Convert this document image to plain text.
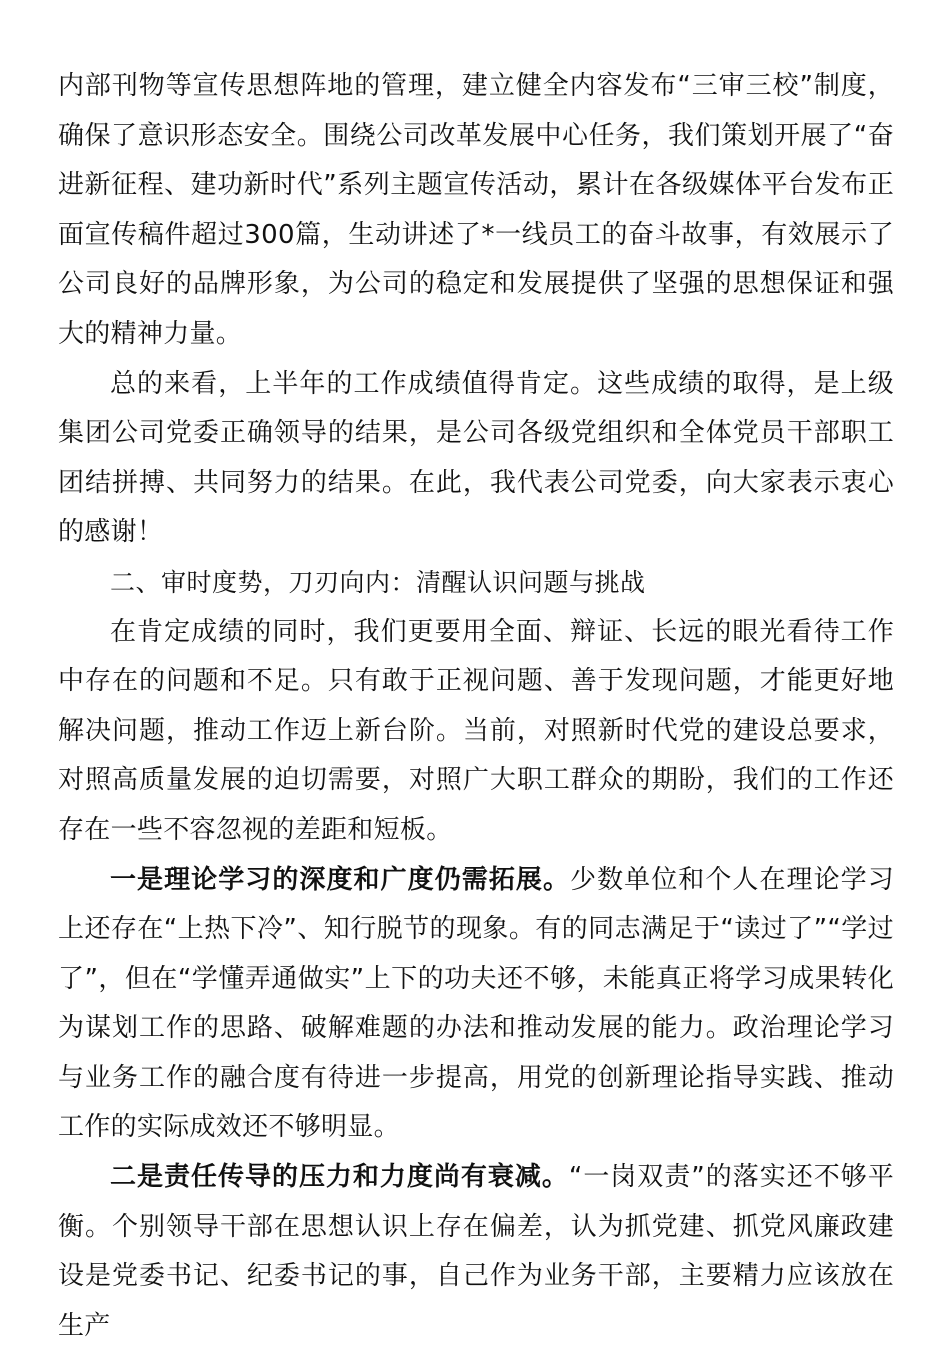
内部刊物等宣传思想阵地的管理，建立健全内容发布“三审三校”制度，确保了意识形态安全。围绕公司改革发展中心任务，我们策划开展了“奋进新征程、建功新时代”系列主题宣传活动，累计在各级媒体平台发布正面宣传稿件超过300篇，生动讲述了*一线员工的奋斗故事，有效展示了公司良好的品牌形象，为公司的稳定和发展提供了坚强的思想保证和强大的精神力量。

总的来看，上半年的工作成绩值得肯定。这些成绩的取得，是上级集团公司党委正确领导的结果，是公司各级党组织和全体党员干部职工团结拼搏、共同努力的结果。在此，我代表公司党委，向大家表示衷心的感谢！

二、审时度势，刀刃向内：清醒认识问题与挑战

在肯定成绩的同时，我们更要用全面、辩证、长远的眼光看待工作中存在的问题和不足。只有敢于正视问题、善于发现问题，才能更好地解决问题，推动工作迈上新台阶。当前，对照新时代党的建设总要求，对照高质量发展的迫切需要，对照广大职工群众的期盼，我们的工作还存在一些不容忽视的差距和短板。

一是理论学习的深度和广度仍需拓展。少数单位和个人在理论学习上还存在“上热下冷”、知行脱节的现象。有的同志满足于“读过了”“学过了”，但在“学懂弄通做实”上下的功夫还不够，未能真正将学习成果转化为谋划工作的思路、破解难题的办法和推动发展的能力。政治理论学习与业务工作的融合度有待进一步提高，用党的创新理论指导实践、推动工作的实际成效还不够明显。

二是责任传导的压力和力度尚有衰减。“一岗双责”的落实还不够平衡。个别领导干部在思想认识上存在偏差，认为抓党建、抓党风廉政建设是党委书记、纪委书记的事，自己作为业务干部，主要精力应该放在生产
